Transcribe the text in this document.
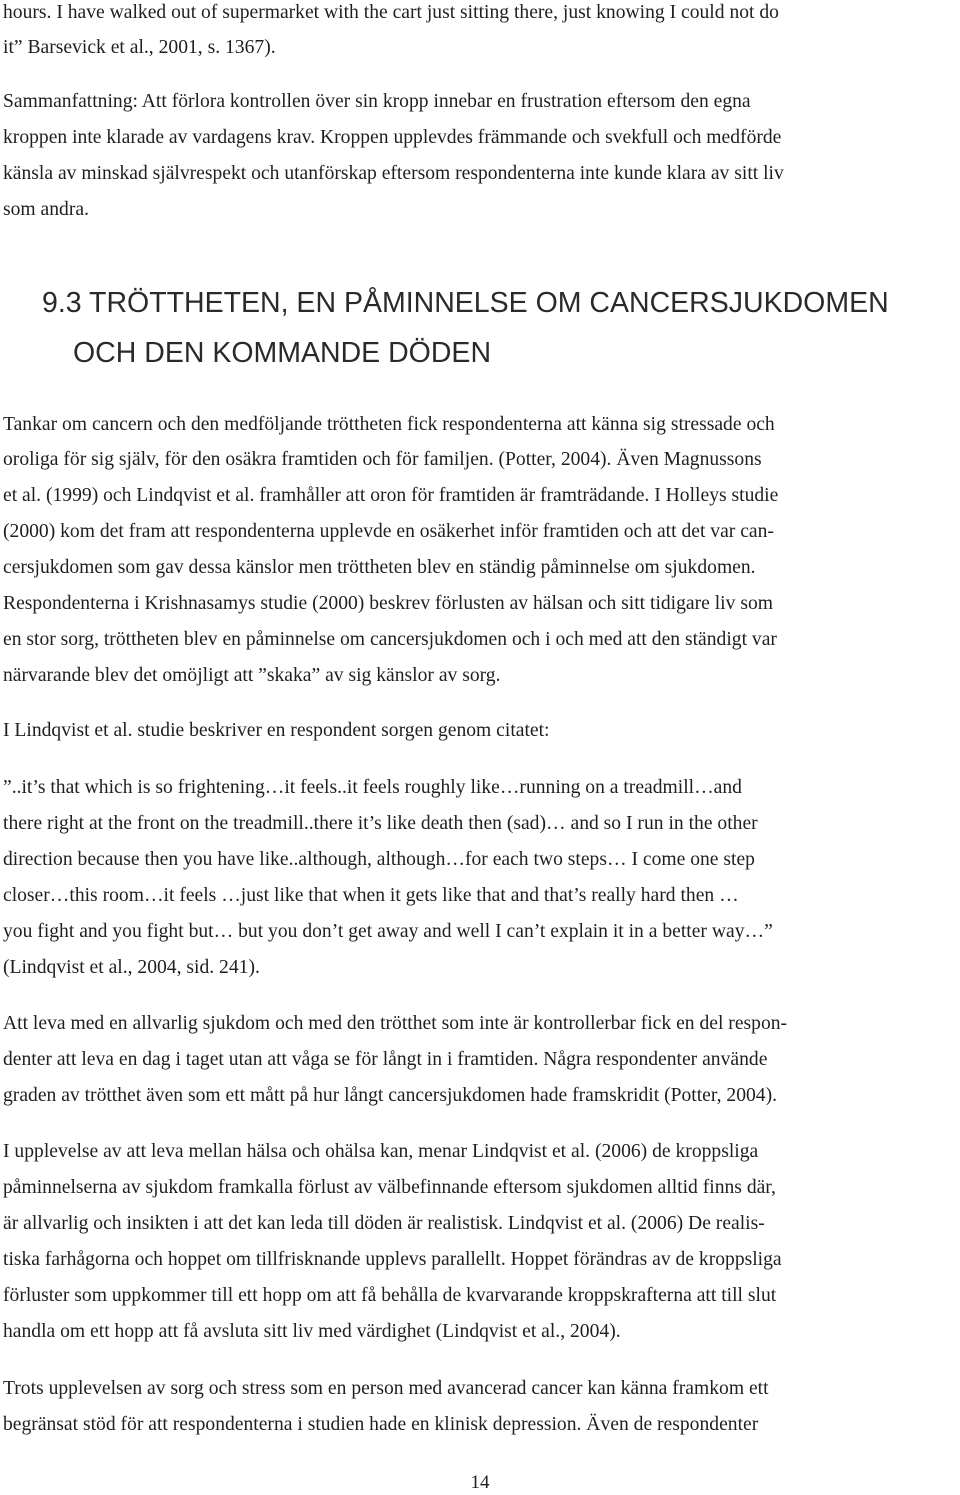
hours. I have walked out of supermarket with the cart just sitting there, just knowing I could not do

it” Barsevick et al., 2001, s. 1367).

Sammanfattning: Att förlora kontrollen över sin kropp innebar en frustration eftersom den egna

kroppen inte klarade av vardagens krav. Kroppen upplevdes främmande och svekfull och medförde

känsla av minskad självrespekt och utanförskap eftersom respondenterna inte kunde klara av sitt liv

som andra.

9.3 TRÖTTHETEN, EN PÅMINNELSE OM CANCERSJUKDOMEN

OCH DEN KOMMANDE DÖDEN

Tankar om cancern och den medföljande tröttheten fick respondenterna att känna sig stressade och

oroliga för sig själv, för den osäkra framtiden och för familjen. (Potter, 2004). Även Magnussons

et al. (1999) och Lindqvist et al. framhåller att oron för framtiden är framträdande. I Holleys studie

(2000) kom det fram att respondenterna upplevde en osäkerhet inför framtiden och att det var can-

cersjukdomen som gav dessa känslor men tröttheten blev en ständig påminnelse om sjukdomen.

Respondenterna i Krishnasamys studie (2000) beskrev förlusten av hälsan och sitt tidigare liv som

en stor sorg, tröttheten blev en påminnelse om cancersjukdomen och i och med att den ständigt var

närvarande blev det omöjligt att ”skaka” av sig känslor av sorg.

I Lindqvist et al. studie beskriver en respondent sorgen genom citatet:

”..it’s that which is so frightening…it feels..it feels roughly like…running on a treadmill…and

there right at the front on the treadmill..there it’s like death then (sad)… and so I run in the other

direction because then you have like..although, although…for each two steps… I come one step

closer…this room…it feels …just like that when it gets like that and that’s really hard then …

you fight and you fight but… but you don’t get away and well I can’t explain it in a better way…”

(Lindqvist et al., 2004, sid. 241).

Att leva med en allvarlig sjukdom och med den trötthet som inte är kontrollerbar fick en del respon-

denter att leva en dag i taget utan att våga se för långt in i framtiden. Några respondenter använde

graden av trötthet även som ett mått på hur långt cancersjukdomen hade framskridit (Potter, 2004).

I upplevelse av att leva mellan hälsa och ohälsa kan, menar Lindqvist et al. (2006) de kroppsliga

påminnelserna av sjukdom framkalla förlust av välbefinnande eftersom sjukdomen alltid finns där,

är allvarlig och insikten i att det kan leda till döden är realistisk. Lindqvist et al. (2006) De realis-

tiska farhågorna och hoppet om tillfrisknande upplevs parallellt. Hoppet förändras av de kroppsliga

förluster som uppkommer till ett hopp om att få behålla de kvarvarande kroppskrafterna att till slut

handla om ett hopp att få avsluta sitt liv med värdighet (Lindqvist et al., 2004).

Trots upplevelsen av sorg och stress som en person med avancerad cancer kan känna framkom ett

begränsat stöd för att respondenterna i studien hade en klinisk depression. Även de respondenter

14
